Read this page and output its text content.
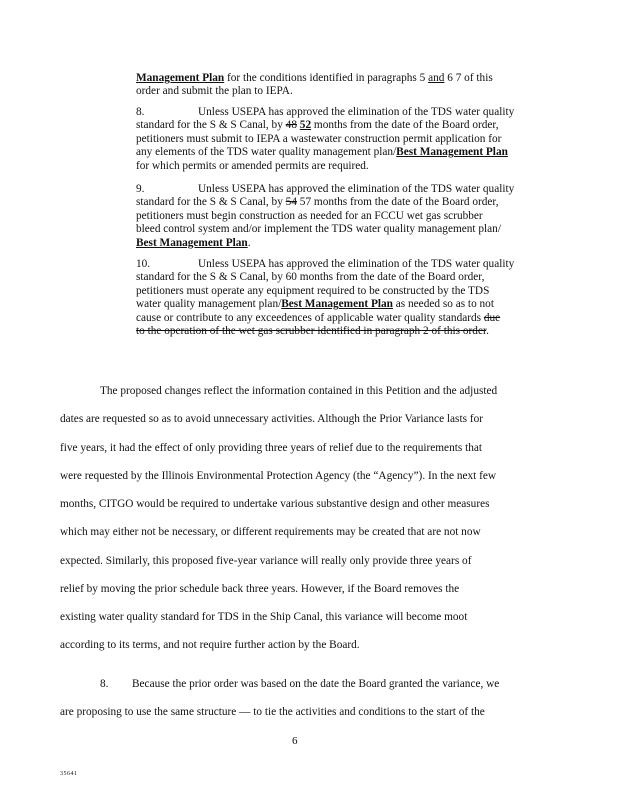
Management Plan for the conditions identified in paragraphs 5 and 6 7 of this
order and submit the plan to IEPA.
8.	Unless USEPA has approved the elimination of the TDS water quality
standard for the S & S Canal, by 48 52 months from the date of the Board order,
petitioners must submit to IEPA a wastewater construction permit application for
any elements of the TDS water quality management plan/Best Management Plan
for which permits or amended permits are required.
9.	Unless USEPA has approved the elimination of the TDS water quality
standard for the S & S Canal, by 54 57 months from the date of the Board order,
petitioners must begin construction as needed for an FCCU wet gas scrubber
bleed control system and/or implement the TDS water quality management plan/
Best Management Plan.
10.	Unless USEPA has approved the elimination of the TDS water quality
standard for the S & S Canal, by 60 months from the date of the Board order,
petitioners must operate any equipment required to be constructed by the TDS
water quality management plan/Best Management Plan as needed so as to not
cause or contribute to any exceedences of applicable water quality standards due
to the operation of the wet gas scrubber identified in paragraph 2 of this order.
The proposed changes reflect the information contained in this Petition and the adjusted
dates are requested so as to avoid unnecessary activities. Although the Prior Variance lasts for
five years, it had the effect of only providing three years of relief due to the requirements that
were requested by the Illinois Environmental Protection Agency (the “Agency”). In the next few
months, CITGO would be required to undertake various substantive design and other measures
which may either not be necessary, or different requirements may be created that are not now
expected. Similarly, this proposed five-year variance will really only provide three years of
relief by moving the prior schedule back three years. However, if the Board removes the
existing water quality standard for TDS in the Ship Canal, this variance will become moot
according to its terms, and not require further action by the Board.
8. Because the prior order was based on the date the Board granted the variance, we
are proposing to use the same structure — to tie the activities and conditions to the start of the
6
35641
